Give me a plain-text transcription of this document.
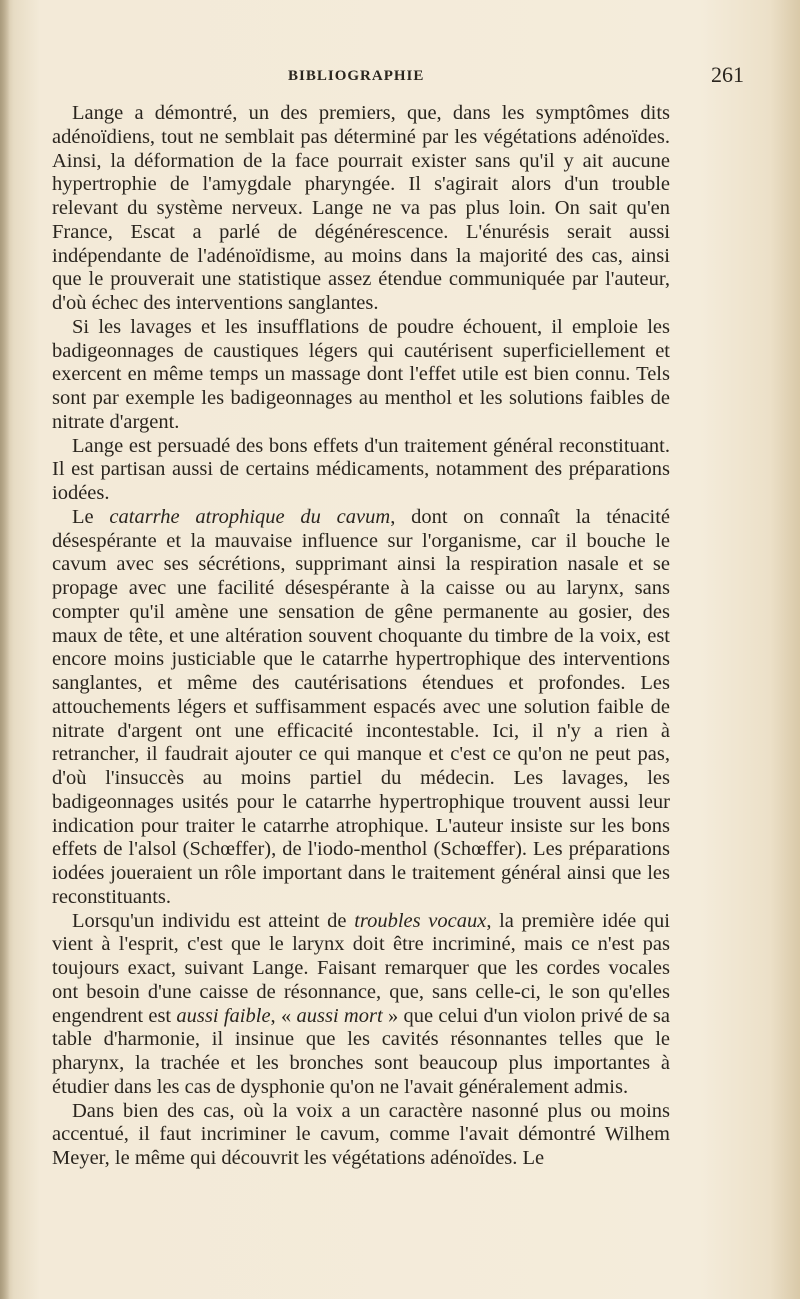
BIBLIOGRAPHIE	261

Lange a démontré, un des premiers, que, dans les symptômes dits adénoïdiens, tout ne semblait pas déterminé par les végétations adénoïdes. Ainsi, la déformation de la face pourrait exister sans qu'il y ait aucune hypertrophie de l'amygdale pharyngée. Il s'agirait alors d'un trouble relevant du système nerveux. Lange ne va pas plus loin. On sait qu'en France, Escat a parlé de dégénérescence. L'énurésis serait aussi indépendante de l'adénoïdisme, au moins dans la majorité des cas, ainsi que le prouverait une statistique assez étendue communiquée par l'auteur, d'où échec des interventions sanglantes.

Si les lavages et les insufflations de poudre échouent, il emploie les badigeonnages de caustiques légers qui cautérisent superficiellement et exercent en même temps un massage dont l'effet utile est bien connu. Tels sont par exemple les badigeonnages au menthol et les solutions faibles de nitrate d'argent.

Lange est persuadé des bons effets d'un traitement général reconstituant. Il est partisan aussi de certains médicaments, notamment des préparations iodées.

Le catarrhe atrophique du cavum, dont on connaît la ténacité désespérante et la mauvaise influence sur l'organisme, car il bouche le cavum avec ses sécrétions, supprimant ainsi la respiration nasale et se propage avec une facilité désespérante à la caisse ou au larynx, sans compter qu'il amène une sensation de gêne permanente au gosier, des maux de tête, et une altération souvent choquante du timbre de la voix, est encore moins justiciable que le catarrhe hypertrophique des interventions sanglantes, et même des cautérisations étendues et profondes. Les attouchements légers et suffisamment espacés avec une solution faible de nitrate d'argent ont une efficacité incontestable. Ici, il n'y a rien à retrancher, il faudrait ajouter ce qui manque et c'est ce qu'on ne peut pas, d'où l'insuccès au moins partiel du médecin. Les lavages, les badigeonnages usités pour le catarrhe hypertrophique trouvent aussi leur indication pour traiter le catarrhe atrophique. L'auteur insiste sur les bons effets de l'alsol (Schœffer), de l'iodo-menthol (Schœffer). Les préparations iodées joueraient un rôle important dans le traitement général ainsi que les reconstituants.

Lorsqu'un individu est atteint de troubles vocaux, la première idée qui vient à l'esprit, c'est que le larynx doit être incriminé, mais ce n'est pas toujours exact, suivant Lange. Faisant remarquer que les cordes vocales ont besoin d'une caisse de résonnance, que, sans celle-ci, le son qu'elles engendrent est aussi faible, « aussi mort » que celui d'un violon privé de sa table d'harmonie, il insinue que les cavités résonnantes telles que le pharynx, la trachée et les bronches sont beaucoup plus importantes à étudier dans les cas de dysphonie qu'on ne l'avait généralement admis.

Dans bien des cas, où la voix a un caractère nasonné plus ou moins accentué, il faut incriminer le cavum, comme l'avait démontré Wilhem Meyer, le même qui découvrit les végétations adénoïdes. Le
